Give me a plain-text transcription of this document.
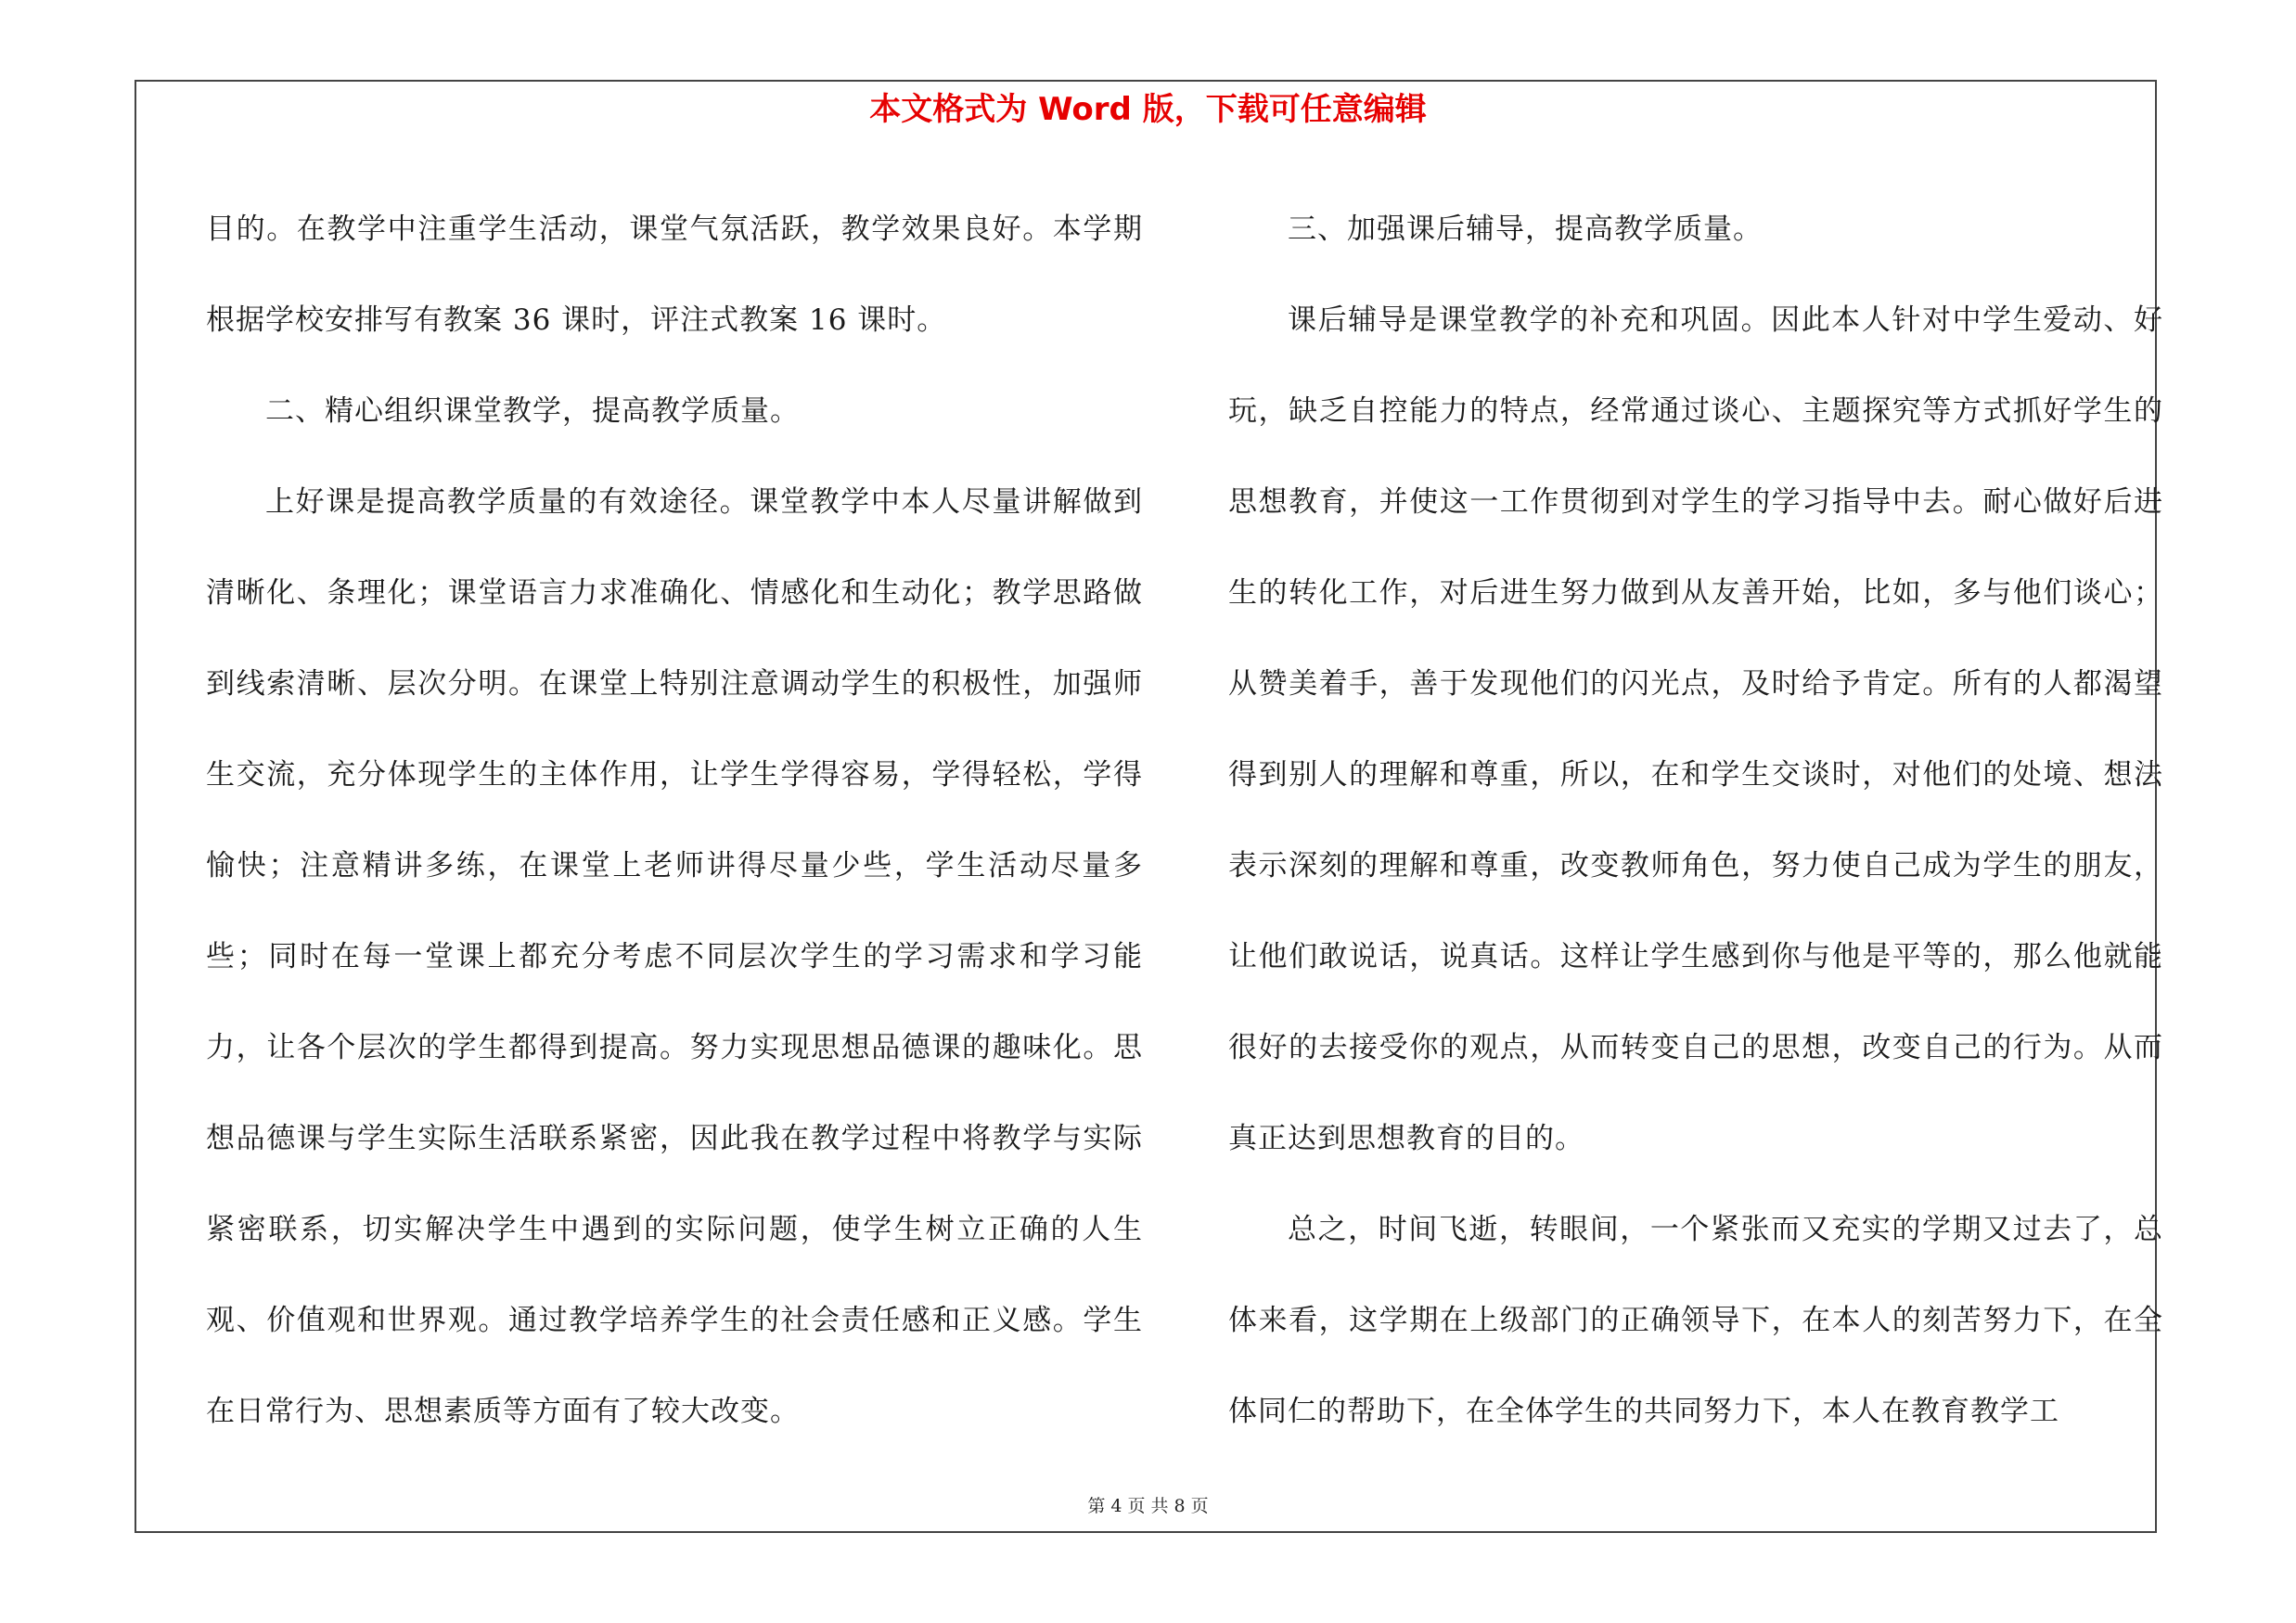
本文格式为 Word 版，下载可任意编辑

目的。在教学中注重学生活动，课堂气氛活跃，教学效果良好。本学期根据学校安排写有教案 36 课时，评注式教案 16 课时。

二、精心组织课堂教学，提高教学质量。

上好课是提高教学质量的有效途径。课堂教学中本人尽量讲解做到清晰化、条理化；课堂语言力求准确化、情感化和生动化；教学思路做到线索清晰、层次分明。在课堂上特别注意调动学生的积极性，加强师生交流，充分体现学生的主体作用，让学生学得容易，学得轻松，学得愉快；注意精讲多练，在课堂上老师讲得尽量少些，学生活动尽量多些；同时在每一堂课上都充分考虑不同层次学生的学习需求和学习能力，让各个层次的学生都得到提高。努力实现思想品德课的趣味化。思想品德课与学生实际生活联系紧密，因此我在教学过程中将教学与实际紧密联系，切实解决学生中遇到的实际问题，使学生树立正确的人生观、价值观和世界观。通过教学培养学生的社会责任感和正义感。学生在日常行为、思想素质等方面有了较大改变。

三、加强课后辅导，提高教学质量。

课后辅导是课堂教学的补充和巩固。因此本人针对中学生爱动、好玩，缺乏自控能力的特点，经常通过谈心、主题探究等方式抓好学生的思想教育，并使这一工作贯彻到对学生的学习指导中去。耐心做好后进生的转化工作，对后进生努力做到从友善开始，比如，多与他们谈心；从赞美着手，善于发现他们的闪光点，及时给予肯定。所有的人都渴望得到别人的理解和尊重，所以，在和学生交谈时，对他们的处境、想法表示深刻的理解和尊重，改变教师角色，努力使自己成为学生的朋友，让他们敢说话，说真话。这样让学生感到你与他是平等的，那么他就能很好的去接受你的观点，从而转变自己的思想，改变自己的行为。从而真正达到思想教育的目的。

总之，时间飞逝，转眼间，一个紧张而又充实的学期又过去了，总体来看，这学期在上级部门的正确领导下，在本人的刻苦努力下，在全体同仁的帮助下，在全体学生的共同努力下，本人在教育教学工

第 4 页 共 8 页
